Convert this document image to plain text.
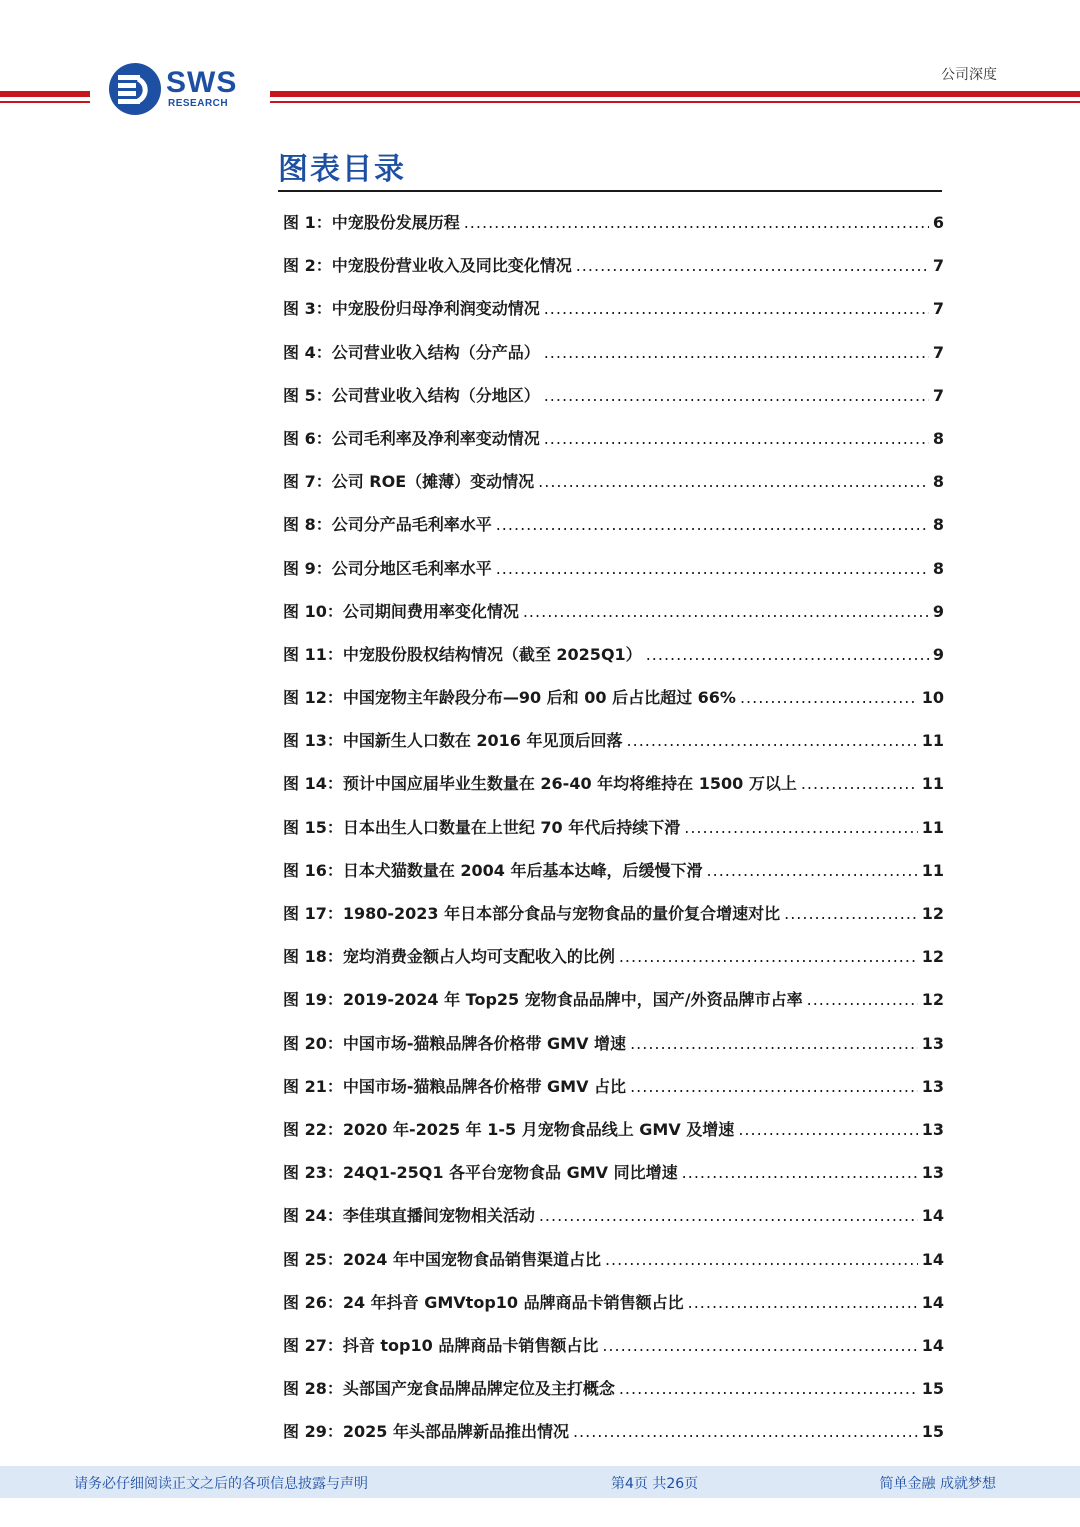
SWS
RESEARCH
公司深度
图表目录
图 1：中宠股份发展历程 .....	6
图 2：中宠股份营业收入及同比变化情况 .....	7
图 3：中宠股份归母净利润变动情况 .....	7
图 4：公司营业收入结构（分产品） .....	7
图 5：公司营业收入结构（分地区） .....	7
图 6：公司毛利率及净利率变动情况 .....	8
图 7：公司 ROE（摊薄）变动情况 .....	8
图 8：公司分产品毛利率水平 .....	8
图 9：公司分地区毛利率水平 .....	8
图 10：公司期间费用率变化情况 .....	9
图 11：中宠股份股权结构情况（截至 2025Q1） .....	9
图 12：中国宠物主年龄段分布—90 后和 00 后占比超过 66% .....	10
图 13：中国新生人口数在 2016 年见顶后回落 .....	11
图 14：预计中国应届毕业生数量在 26-40 年均将维持在 1500 万以上 .....	11
图 15：日本出生人口数量在上世纪 70 年代后持续下滑 .....	11
图 16：日本犬猫数量在 2004 年后基本达峰，后缓慢下滑 .....	11
图 17：1980-2023 年日本部分食品与宠物食品的量价复合增速对比 .....	12
图 18：宠均消费金额占人均可支配收入的比例 .....	12
图 19：2019-2024 年 Top25 宠物食品品牌中，国产/外资品牌市占率 .....	12
图 20：中国市场-猫粮品牌各价格带 GMV 增速 .....	13
图 21：中国市场-猫粮品牌各价格带 GMV 占比 .....	13
图 22：2020 年-2025 年 1-5 月宠物食品线上 GMV 及增速 .....	13
图 23：24Q1-25Q1 各平台宠物食品 GMV 同比增速 .....	13
图 24：李佳琪直播间宠物相关活动 .....	14
图 25：2024 年中国宠物食品销售渠道占比 .....	14
图 26：24 年抖音 GMVtop10 品牌商品卡销售额占比 .....	14
图 27：抖音 top10 品牌商品卡销售额占比 .....	14
图 28：头部国产宠食品牌品牌定位及主打概念 .....	15
图 29：2025 年头部品牌新品推出情况 .....	15
请务必仔细阅读正文之后的各项信息披露与声明	第4页 共26页	简单金融 成就梦想
